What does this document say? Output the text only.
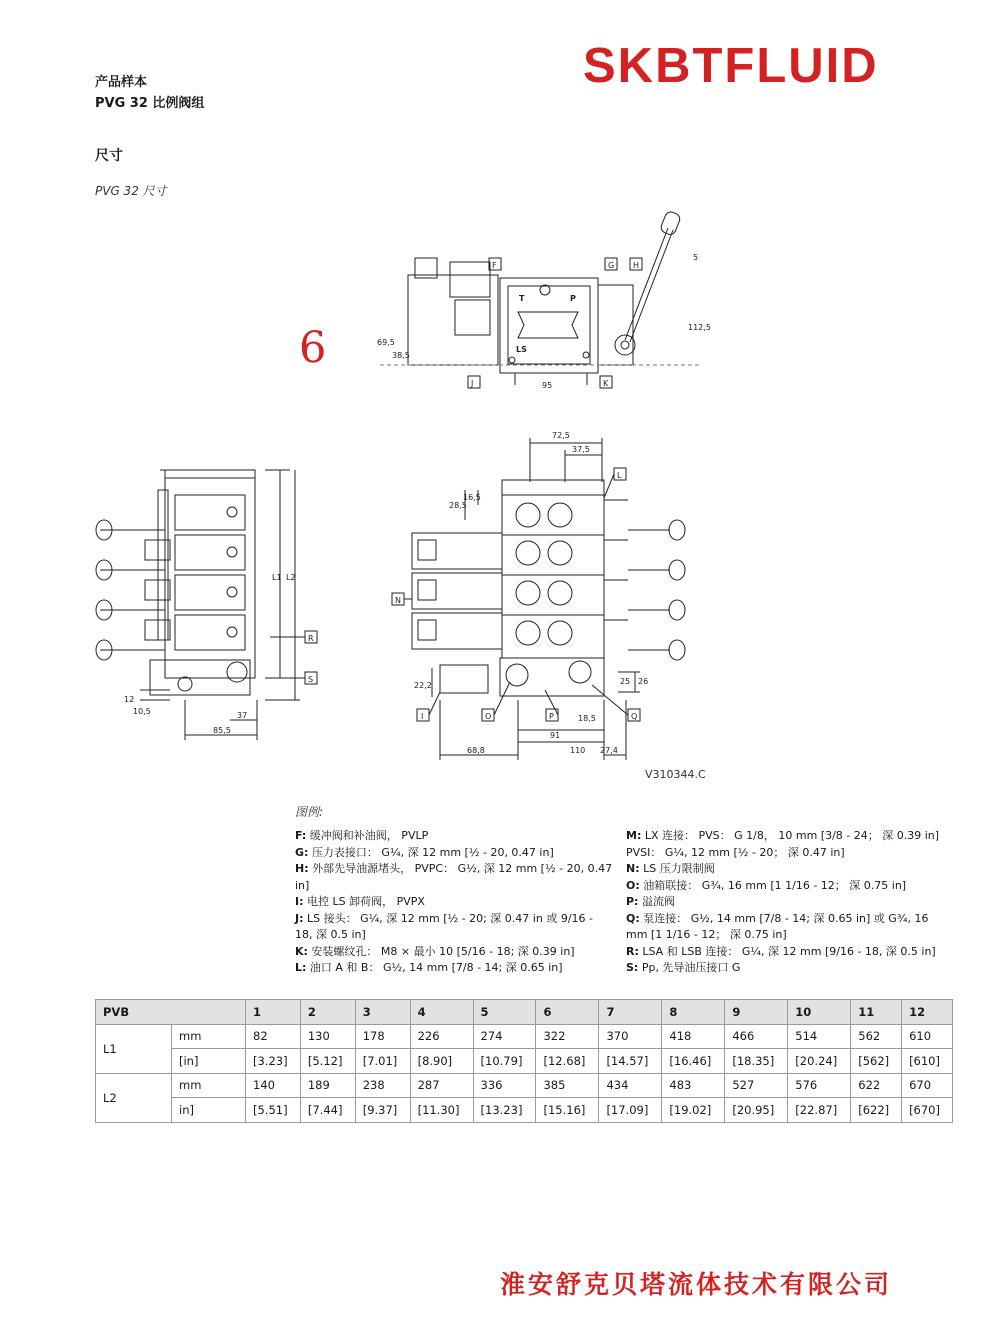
SKBTFLUID
产品样本
PVG 32 比例阀组
尺寸
PVG 32 尺寸
6
F	G H
J	K
L
N
R
S
I	O	P	Q
T	P
LS
5
112,5
69,5
38,5
95
72,5
37,5
28,5
16,5
22,2	25 26
91
18,5
68,8	110 27,4
L1 L2
12
10,5	37
85,5
V310344.C
图例:
F: 缓冲阀和补油阀， PVLP
G: 压力表接口： G¼, 深 12 mm [½ - 20, 0.47 in]
H: 外部先导油源堵头， PVPC： G½, 深 12 mm [½ - 20, 0.47 in]
I: 电控 LS 卸荷阀， PVPX
J: LS 接头： G¼, 深 12 mm [½ - 20; 深 0.47 in 或 9/16 - 18, 深 0.5 in]
K: 安装螺纹孔： M8 × 最小 10 [5/16 - 18; 深 0.39 in]
L: 油口 A 和 B： G½, 14 mm [7/8 - 14; 深 0.65 in]
M: LX 连接： PVS： G 1/8， 10 mm [3/8 - 24； 深 0.39 in] PVSI： G¼, 12 mm [½ - 20； 深 0.47 in]
N: LS 压力限制阀
O: 油箱联接： G¾, 16 mm [1 1/16 - 12； 深 0.75 in]
P: 溢流阀
Q: 泵连接： G½, 14 mm [7/8 - 14; 深 0.65 in] 或 G¾, 16 mm [1 1/16 - 12； 深 0.75 in]
R: LSA 和 LSB 连接： G¼, 深 12 mm [9/16 - 18, 深 0.5 in]
S: Pp, 先导油压接口 G
PVB		1	2	3	4	5	6	7	8	9	10	11	12
L1	mm	82	130	178	226	274	322	370	418	466	514	562	610
	[in]	[3.23]	[5.12]	[7.01]	[8.90]	[10.79]	[12.68]	[14.57]	[16.46]	[18.35]	[20.24]	[562]	[610]
L2	mm	140	189	238	287	336	385	434	483	527	576	622	670
	in]	[5.51]	[7.44]	[9.37]	[11.30]	[13.23]	[15.16]	[17.09]	[19.02]	[20.95]	[22.87]	[622]	[670]
淮安舒克贝塔流体技术有限公司
